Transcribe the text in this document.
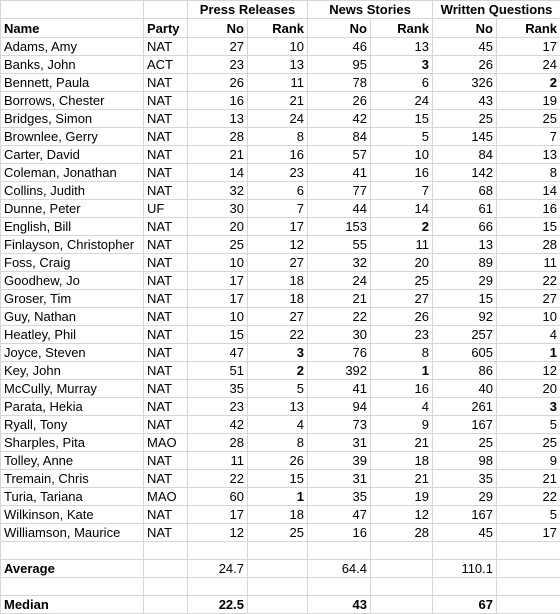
		Press Releases		News Stories		Written Questions	
Name	Party	No	Rank	No	Rank	No	Rank
Adams, Amy	NAT	27	10	46	13	45	17
Banks, John	ACT	23	13	95	3	26	24
Bennett, Paula	NAT	26	11	78	6	326	2
Borrows, Chester	NAT	16	21	26	24	43	19
Bridges, Simon	NAT	13	24	42	15	25	25
Brownlee, Gerry	NAT	28	8	84	5	145	7
Carter, David	NAT	21	16	57	10	84	13
Coleman, Jonathan	NAT	14	23	41	16	142	8
Collins, Judith	NAT	32	6	77	7	68	14
Dunne, Peter	UF	30	7	44	14	61	16
English, Bill	NAT	20	17	153	2	66	15
Finlayson, Christopher	NAT	25	12	55	11	13	28
Foss, Craig	NAT	10	27	32	20	89	11
Goodhew, Jo	NAT	17	18	24	25	29	22
Groser, Tim	NAT	17	18	21	27	15	27
Guy, Nathan	NAT	10	27	22	26	92	10
Heatley, Phil	NAT	15	22	30	23	257	4
Joyce, Steven	NAT	47	3	76	8	605	1
Key, John	NAT	51	2	392	1	86	12
McCully, Murray	NAT	35	5	41	16	40	20
Parata, Hekia	NAT	23	13	94	4	261	3
Ryall, Tony	NAT	42	4	73	9	167	5
Sharples, Pita	MAO	28	8	31	21	25	25
Tolley, Anne	NAT	11	26	39	18	98	9
Tremain, Chris	NAT	22	15	31	21	35	21
Turia, Tariana	MAO	60	1	35	19	29	22
Wilkinson, Kate	NAT	17	18	47	12	167	5
Williamson, Maurice	NAT	12	25	16	28	45	17

Average		24.7		64.4		110.1	

Median		22.5		43		67	
